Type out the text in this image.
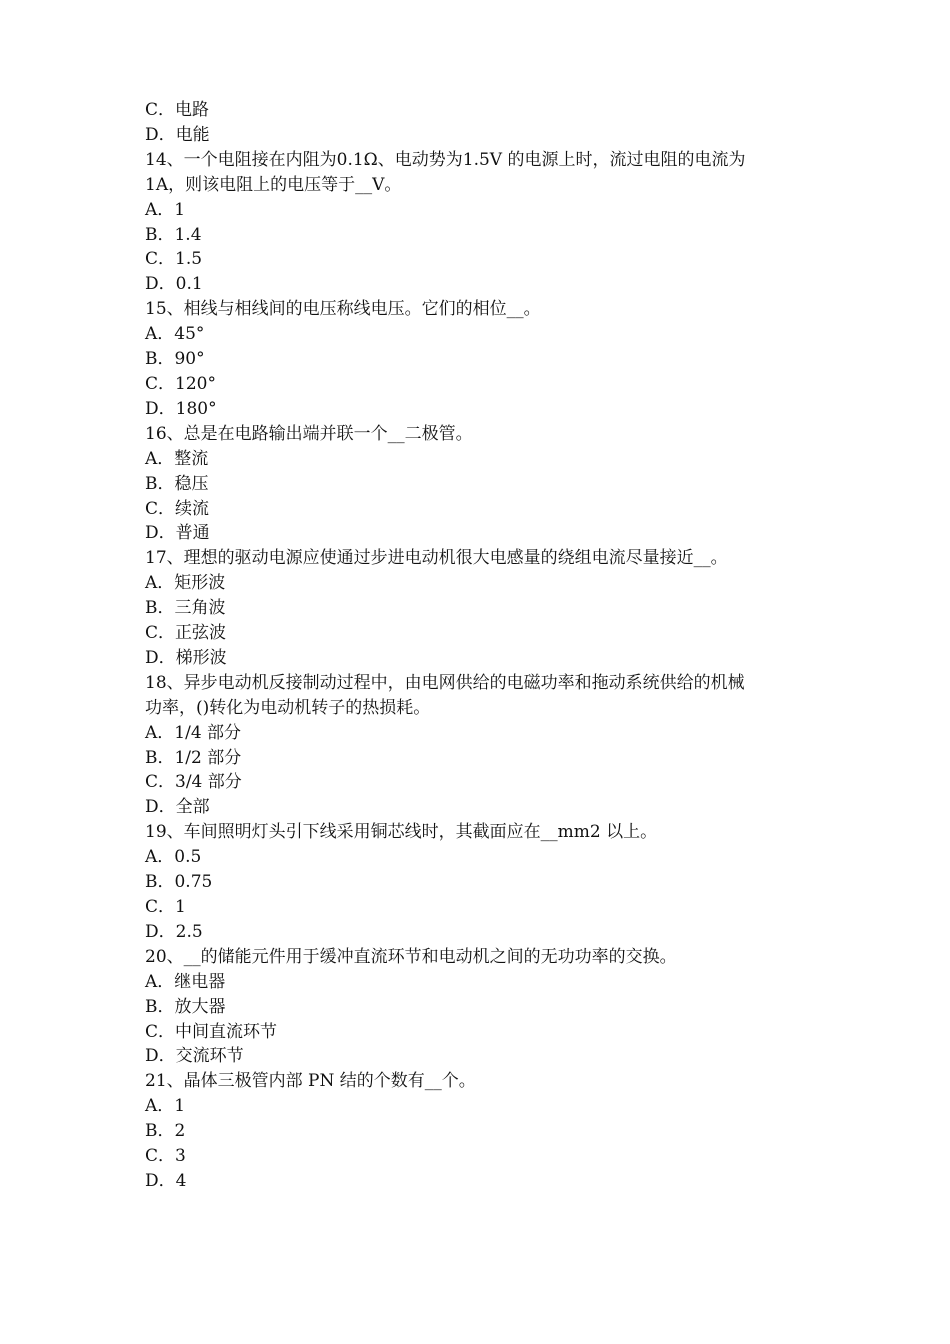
C．电路
D．电能
14、一个电阻接在内阻为0.1Ω、电动势为1.5V 的电源上时，流过电阻的电流为
1A，则该电阻上的电压等于__V。
A．1
B．1.4
C．1.5
D．0.1
15、相线与相线间的电压称线电压。它们的相位__。
A．45°
B．90°
C．120°
D．180°
16、总是在电路输出端并联一个__二极管。
A．整流
B．稳压
C．续流
D．普通
17、理想的驱动电源应使通过步进电动机很大电感量的绕组电流尽量接近__。
A．矩形波
B．三角波
C．正弦波
D．梯形波
18、异步电动机反接制动过程中，由电网供给的电磁功率和拖动系统供给的机械
功率，()转化为电动机转子的热损耗。
A．1/4 部分
B．1/2 部分
C．3/4 部分
D．全部
19、车间照明灯头引下线采用铜芯线时，其截面应在__mm2 以上。
A．0.5
B．0.75
C．1
D．2.5
20、__的储能元件用于缓冲直流环节和电动机之间的无功功率的交换。
A．继电器
B．放大器
C．中间直流环节
D．交流环节
21、晶体三极管内部 PN 结的个数有__个。
A．1
B．2
C．3
D．4
